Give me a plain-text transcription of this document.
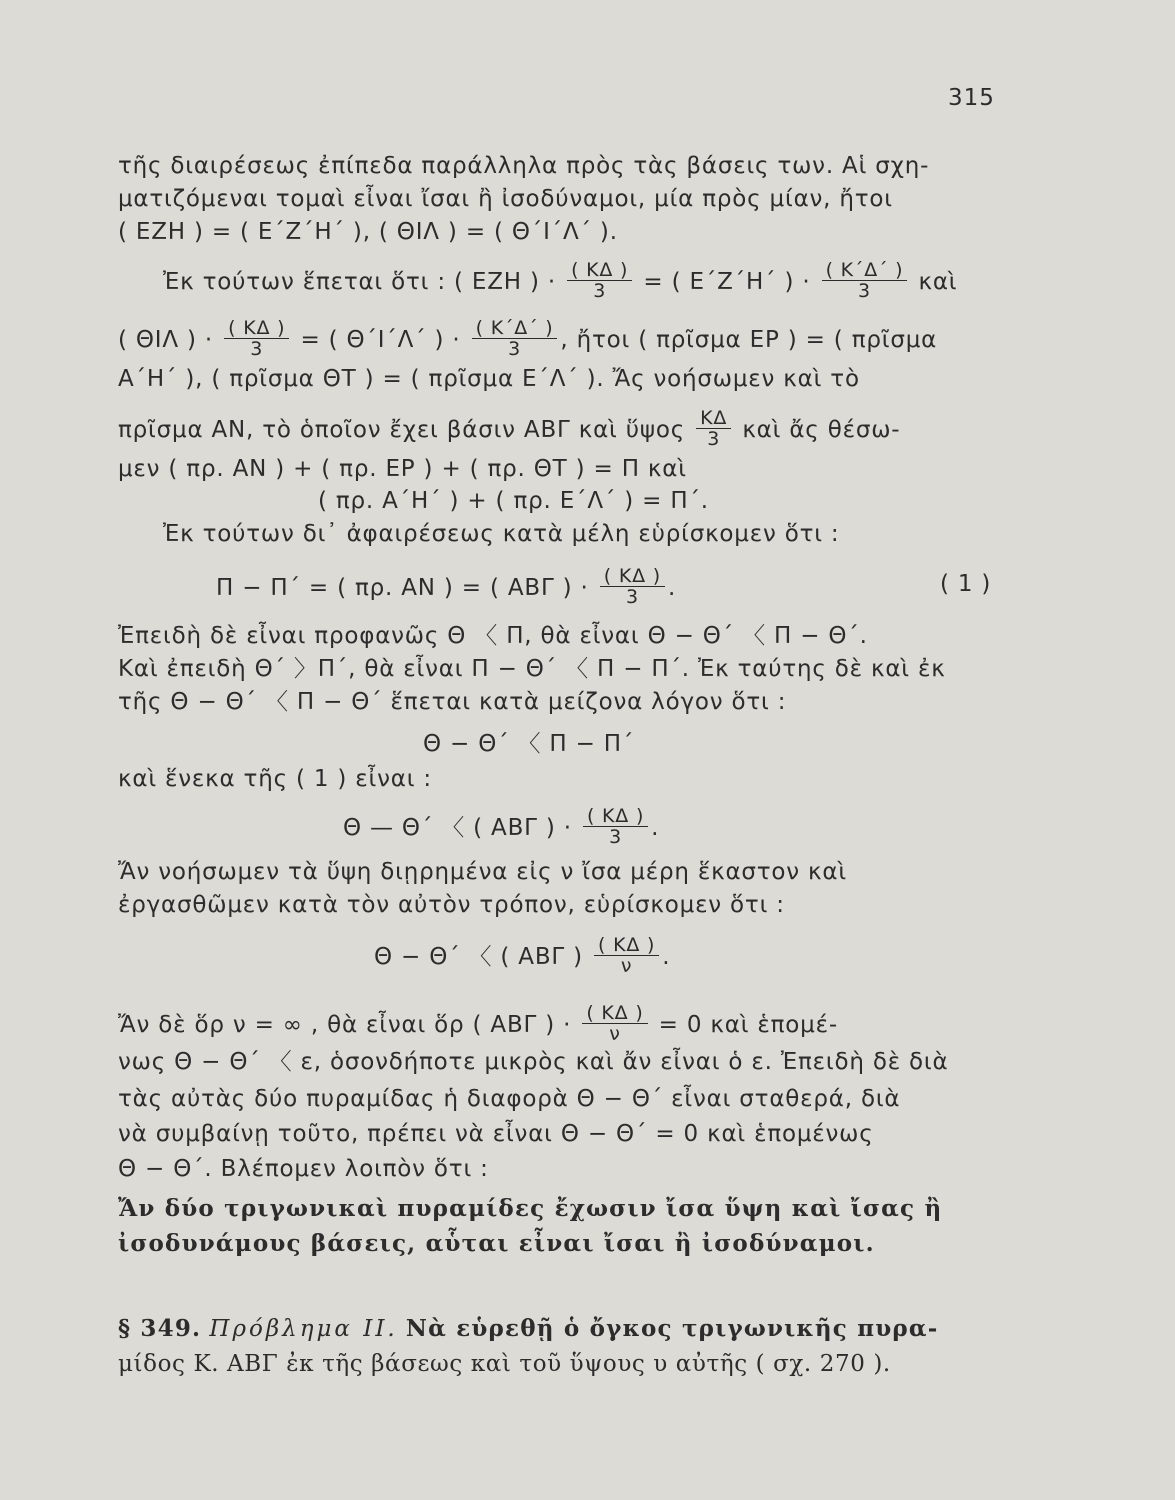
315
τῆς διαιρέσεως ἐπίπεδα παράλληλα πρὸς τὰς βάσεις των. Αἱ σχη-
ματιζόμεναι τομαὶ εἶναι ἴσαι ἢ ἰσοδύναμοι, μία πρὸς μίαν, ἤτοι
( ΕΖΗ ) = ( Ε΄Ζ΄Η΄ ), ( ΘΙΛ ) = ( Θ΄Ι΄Λ΄ ).
Ἐκ τούτων ἕπεται ὅτι : ( ΕΖΗ ) · $\frac{( K\Delta )}{3}$ = ( Ε΄Ζ΄Η΄ ) · $\frac{( K΄\Delta΄ )}{3}$ καὶ
( ΘΙΛ ) · $\frac{( K\Delta )}{3}$ = ( Θ΄Ι΄Λ΄ ) · $\frac{( K΄\Delta΄ )}{3}$ , ἤτοι ( πρῖσμα ΕΡ ) = ( πρῖσμα
Α΄Η΄ ), ( πρῖσμα ΘΤ ) = ( πρῖσμα Ε΄Λ΄ ). Ἄς νοήσωμεν καὶ τὸ
πρῖσμα ΑΝ, τὸ ὁποῖον ἔχει βάσιν ΑΒΓ καὶ ὕψος $\frac{K\Delta}{3}$ καὶ ἄς θέσω-
μεν ( πρ. ΑΝ ) + ( πρ. ΕΡ ) + ( πρ. ΘΤ ) = Π καὶ
( πρ. Α΄Η΄ ) + ( πρ. Ε΄Λ΄ ) = Π΄.
Ἐκ τούτων δι᾿ ἀφαιρέσεως κατὰ μέλη εὑρίσκομεν ὅτι :
Π − Π΄ = ( πρ. ΑΝ ) = ( ΑΒΓ ) · $\frac{( K\Delta )}{3}$ .	( 1 )
Ἐπειδὴ δὲ εἶναι προφανῶς Θ 〈 Π, θὰ εἶναι Θ − Θ΄ 〈 Π − Θ΄.
Καὶ ἐπειδὴ Θ΄ 〉Π΄, θὰ εἶναι Π − Θ΄ 〈 Π − Π΄. Ἐκ ταύτης δὲ καὶ ἐκ
τῆς Θ − Θ΄ 〈 Π − Θ΄ ἕπεται κατὰ μείζονα λόγον ὅτι :
Θ − Θ΄ 〈 Π − Π΄
καὶ ἕνεκα τῆς ( 1 ) εἶναι :
Θ — Θ΄ 〈 ( ΑΒΓ ) · $\frac{( K\Delta )}{3}$ .
Ἄν νοήσωμεν τὰ ὕψη διῃρημένα εἰς ν ἴσα μέρη ἕκαστον καὶ
ἐργασθῶμεν κατὰ τὸν αὐτὸν τρόπον, εὑρίσκομεν ὅτι :
Θ − Θ΄ 〈 ( ΑΒΓ ) $\frac{( K\Delta )}{\nu}$ .
Ἄν δὲ ὅρ ν = ∞ , θὰ εἶναι ὅρ ( ΑΒΓ ) · $\frac{( K\Delta )}{\nu} = 0$ καὶ ἑπομέ-
νως Θ − Θ΄ 〈 ε, ὁσονδήποτε μικρὸς καὶ ἄν εἶναι ὁ ε. Ἐπειδὴ δὲ διὰ
τὰς αὐτὰς δύο πυραμίδας ἡ διαφορὰ Θ − Θ΄ εἶναι σταθερά, διὰ
νὰ συμβαίνῃ τοῦτο, πρέπει νὰ εἶναι Θ − Θ΄ = 0 καὶ ἑπομένως
Θ − Θ΄. Βλέπομεν λοιπὸν ὅτι :
Ἄν δύο τριγωνικαὶ πυραμίδες ἔχωσιν ἴσα ὕψη καὶ ἴσας ἢ
ἰσοδυνάμους βάσεις, αὗται εἶναι ἴσαι ἢ ἰσοδύναμοι.
§ 349. Πρόβλημα II. Νὰ εὑρεθῇ ὁ ὄγκος τριγωνικῆς πυρα-
μίδος Κ. ΑΒΓ ἐκ τῆς βάσεως καὶ τοῦ ὕψους υ αὐτῆς ( σχ. 270 ).
